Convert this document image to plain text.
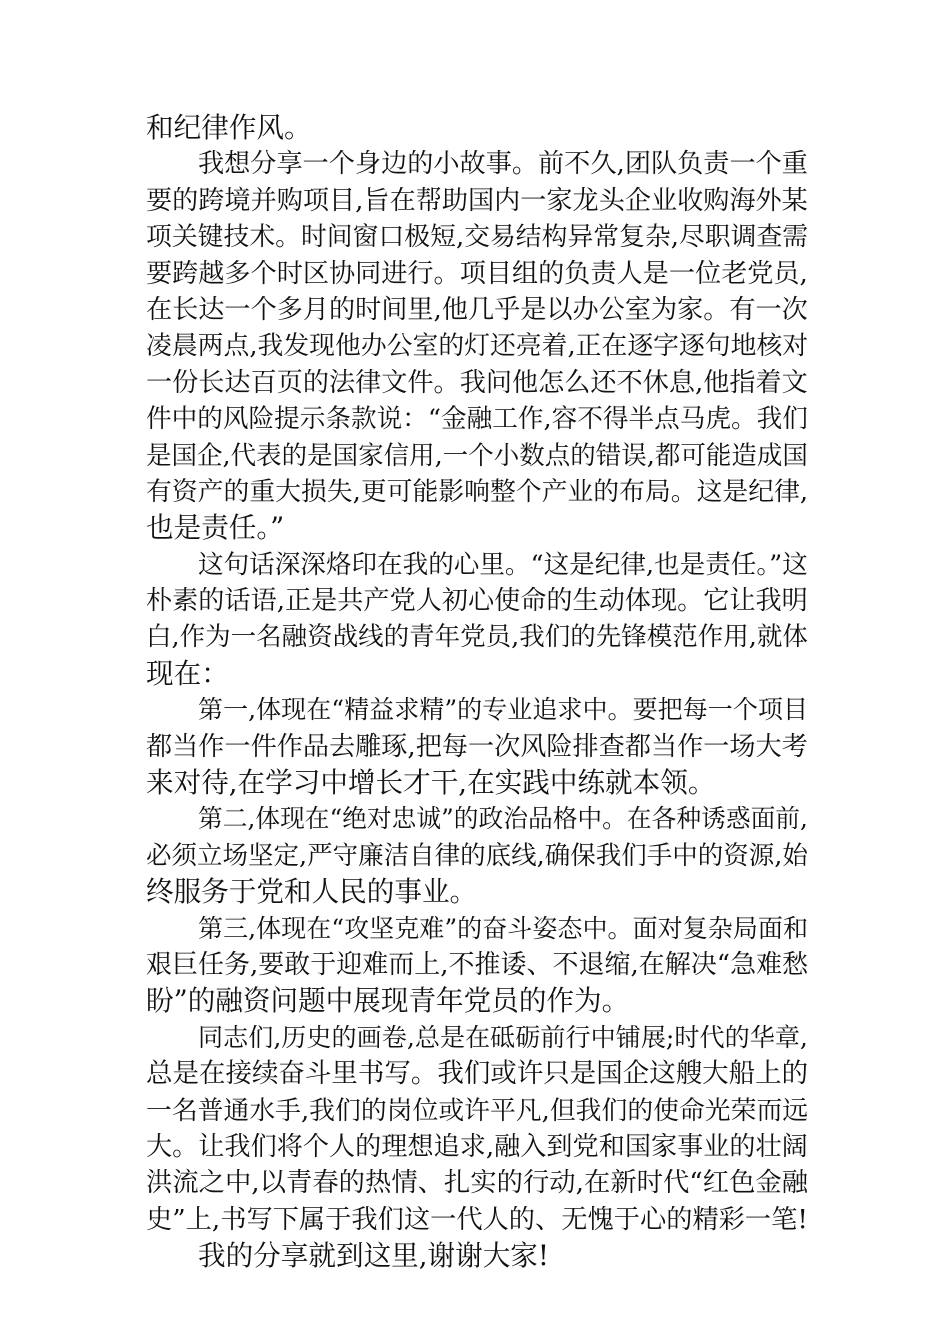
和纪律作风。
我想分享一个身边的小故事。前不久,团队负责一个重
要的跨境并购项目,旨在帮助国内一家龙头企业收购海外某
项关键技术。时间窗口极短,交易结构异常复杂,尽职调查需
要跨越多个时区协同进行。项目组的负责人是一位老党员,
在长达一个多月的时间里,他几乎是以办公室为家。有一次
凌晨两点,我发现他办公室的灯还亮着,正在逐字逐句地核对
一份长达百页的法律文件。我问他怎么还不休息,他指着文
件中的风险提示条款说：“金融工作,容不得半点马虎。我们
是国企,代表的是国家信用,一个小数点的错误,都可能造成国
有资产的重大损失,更可能影响整个产业的布局。这是纪律,
也是责任。”
这句话深深烙印在我的心里。“这是纪律,也是责任。”这
朴素的话语,正是共产党人初心使命的生动体现。它让我明
白,作为一名融资战线的青年党员,我们的先锋模范作用,就体
现在：
第一,体现在“精益求精”的专业追求中。要把每一个项目
都当作一件作品去雕琢,把每一次风险排查都当作一场大考
来对待,在学习中增长才干,在实践中练就本领。
第二,体现在“绝对忠诚”的政治品格中。在各种诱惑面前,
必须立场坚定,严守廉洁自律的底线,确保我们手中的资源,始
终服务于党和人民的事业。
第三,体现在“攻坚克难”的奋斗姿态中。面对复杂局面和
艰巨任务,要敢于迎难而上,不推诿、不退缩,在解决“急难愁
盼”的融资问题中展现青年党员的作为。
同志们,历史的画卷,总是在砥砺前行中铺展;时代的华章,
总是在接续奋斗里书写。我们或许只是国企这艘大船上的
一名普通水手,我们的岗位或许平凡,但我们的使命光荣而远
大。让我们将个人的理想追求,融入到党和国家事业的壮阔
洪流之中,以青春的热情、扎实的行动,在新时代“红色金融
史”上,书写下属于我们这一代人的、无愧于心的精彩一笔!
我的分享就到这里,谢谢大家!
